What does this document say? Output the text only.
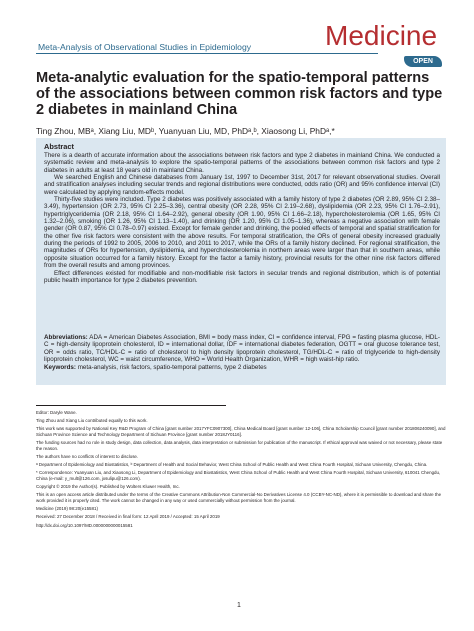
Meta-Analysis of Observational Studies in Epidemiology	Medicine
OPEN
Meta-analytic evaluation for the spatio-temporal patterns of the associations between common risk factors and type 2 diabetes in mainland China
Ting Zhou, MBᵃ, Xiang Liu, MDᵇ, Yuanyuan Liu, MD, PhDᵃ,ᵇ, Xiaosong Li, PhDᵃ,*
Abstract

There is a dearth of accurate information about the associations between risk factors and type 2 diabetes in mainland China. We conducted a systematic review and meta-analysis to explore the spatio-temporal patterns of the associations between common risk factors and type 2 diabetes in adults at least 18 years old in mainland China.

We searched English and Chinese databases from January 1st, 1997 to December 31st, 2017 for relevant observational studies. Overall and stratification analyses including secular trends and regional distributions were conducted, odds ratio (OR) and 95% confidence interval (CI) were calculated by applying random-effects model.

Thirty-five studies were included. Type 2 diabetes was positively associated with a family history of type 2 diabetes (OR 2.89, 95% CI 2.38–3.49), hypertension (OR 2.73, 95% CI 2.25–3.36), central obesity (OR 2.28, 95% CI 2.19–2.68), dyslipidemia (OR 2.23, 95% CI 1.76–2.91), hypertriglyceridemia (OR 2.18, 95% CI 1.64–2.92), general obesity (OR 1.90, 95% CI 1.66–2.18), hypercholesterolemia (OR 1.65, 95% CI 1.32–2.06), smoking (OR 1.26, 95% CI 1.13–1.40), and drinking (OR 1.20, 95% CI 1.05–1.36), whereas a negative association with female gender (OR 0.87, 95% CI 0.78–0.97) existed. Except for female gender and drinking, the pooled effects of temporal and spatial stratification for the other five risk factors were consistent with the above results. For temporal stratification, the ORs of general obesity increased gradually during the periods of 1992 to 2005, 2006 to 2010, and 2011 to 2017, while the ORs of a family history declined. For regional stratification, the magnitudes of ORs for hypertension, dyslipidemia, and hypercholesterolemia in northern areas were larger than that in southern areas, while opposite situation occurred for a family history. Except for the factor a family history, provincial results for the other nine risk factors differed from the overall results and among provinces.

Effect differences existed for modifiable and non-modifiable risk factors in secular trends and regional distribution, which is of potential public health importance for type 2 diabetes prevention.

Abbreviations: ADA = American Diabetes Association, BMI = body mass index, CI = confidence interval, FPG = fasting plasma glucose, HDL-C = high-density lipoprotein cholesterol, ID = international dollar, IDF = international diabetes federation, OGTT = oral glucose tolerance test, OR = odds ratio, TC/HDL-C = ratio of cholesterol to high density lipoprotein cholesterol, TG/HDL-C = ratio of triglyceride to high-density lipoprotein cholesterol, WC = waist circumference, WHO = World Health Organization, WHR = high waist-hip ratio.
Keywords: meta-analysis, risk factors, spatio-temporal patterns, type 2 diabetes

Editor: Daryle Wane.

Ting Zhou and Xiang Liu contributed equally to this work.

This work was supported by National Key R&D Program of China [grant number 2017YFC0907300], China Medical Board [grant number 12-106], China Scholarship Council [grant number 201806240090], and Sichuan Province Science and Technology Department of Sichuan Province [grant number 2018JY0116].

The funding sources had no role in study design, data collection, data analysis, data interpretation or submission for publication of the manuscript. If ethical approval was waived or not necessary, please state the reason.

The authors have no conflicts of interest to disclose.

ᵃ Department of Epidemiology and Biostatistics, ᵇ Department of Health and Social Behavior, West China School of Public Health and West China Fourth Hospital, Sichuan University, Chengdu, China.

* Correspondence: Yuanyuan Liu, and Xiaosong Li, Department of Epidemiology and Biostatistics, West China School of Public Health and West China Fourth Hospital, Sichuan University, 610041 Chengdu, China (e-mail: y_mult@126.com, jxsulipu@126.com).

Copyright © 2019 the Author(s). Published by Wolters Kluwer Health, Inc.

This is an open access article distributed under the terms of the Creative Commons Attribution-Non Commercial-No Derivatives License 4.0 (CCBY-NC-ND), where it is permissible to download and share the work provided it is properly cited. The work cannot be changed in any way or used commercially without permission from the journal.

Medicine (2019) 98:20(e15581)

Received: 27 December 2018 / Received in final form: 12 April 2019 / Accepted: 15 April 2019

http://dx.doi.org/10.1097/MD.0000000000015581

1
